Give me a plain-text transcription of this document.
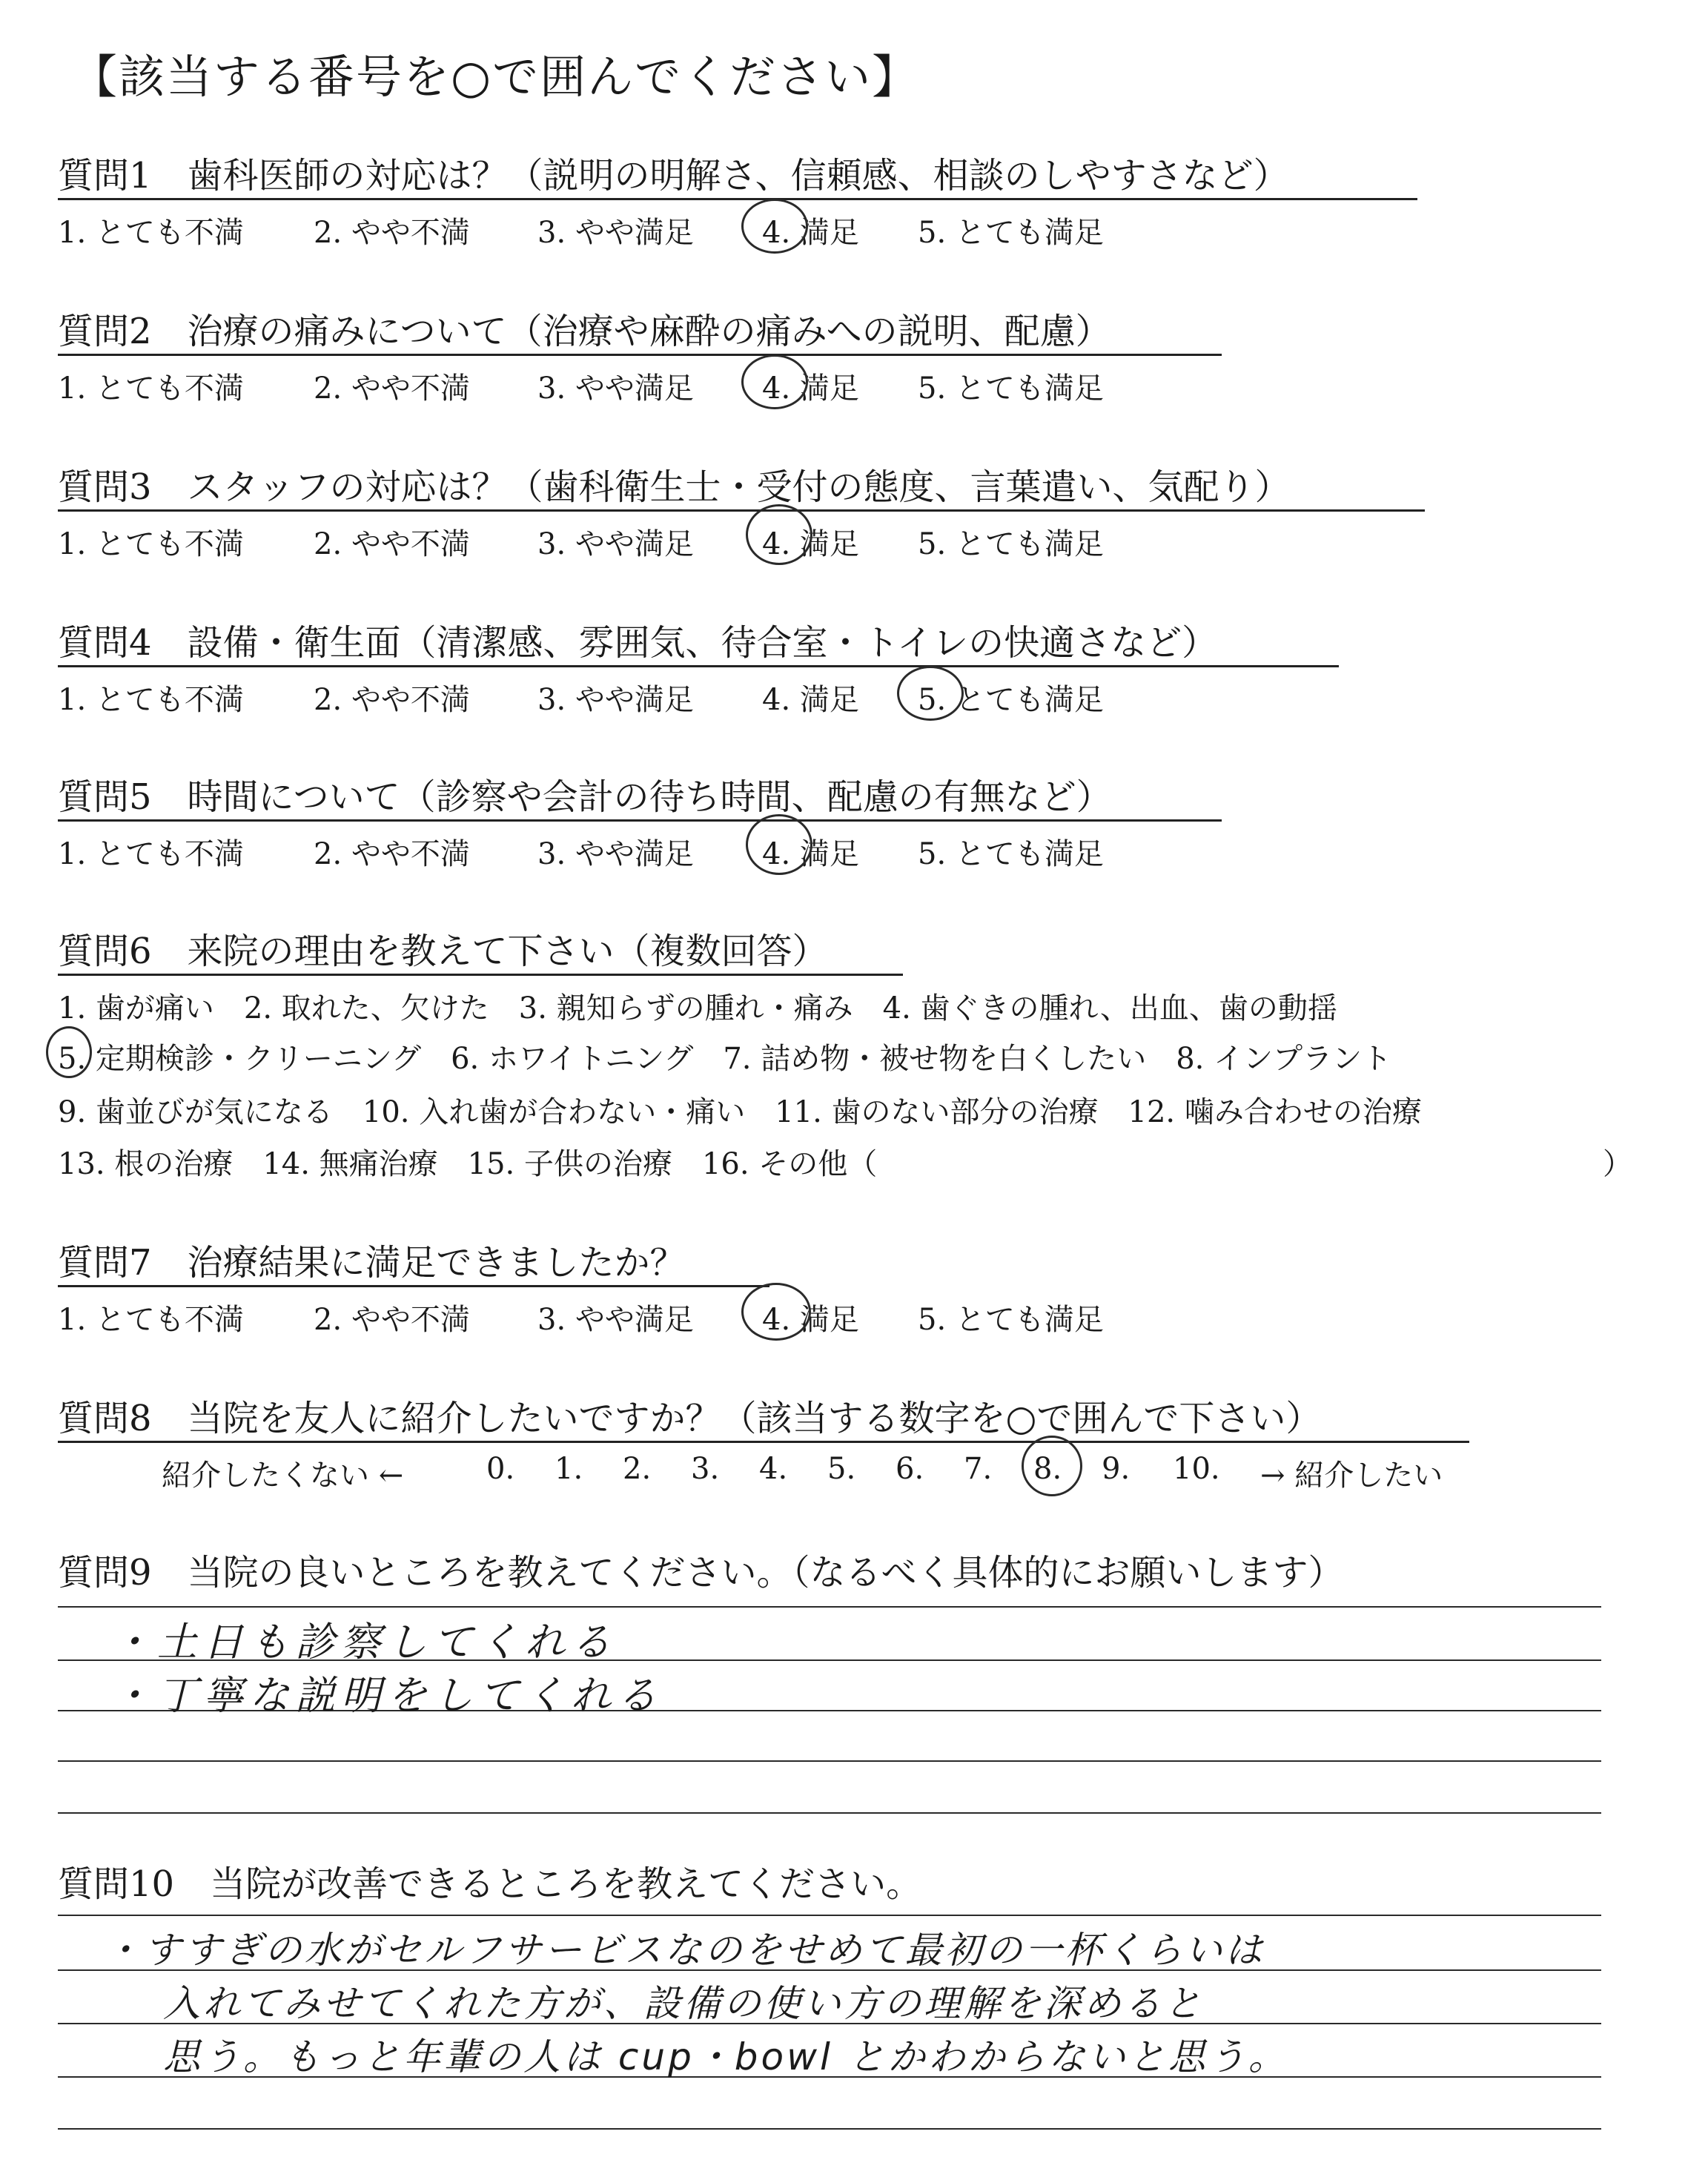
【該当する番号を○で囲んでください】
質問1　歯科医師の対応は？（説明の明解さ、信頼感、相談のしやすさなど）
1. とても不満 2. やや不満 3. やや満足 4. 満足 5. とても満足
質問2　治療の痛みについて（治療や麻酔の痛みへの説明、配慮）
1. とても不満 2. やや不満 3. やや満足 4. 満足 5. とても満足
質問3　スタッフの対応は？（歯科衛生士・受付の態度、言葉遣い、気配り）
1. とても不満 2. やや不満 3. やや満足 4. 満足 5. とても満足
質問4　設備・衛生面（清潔感、雰囲気、待合室・トイレの快適さなど）
1. とても不満 2. やや不満 3. やや満足 4. 満足 5. とても満足
質問5　時間について（診察や会計の待ち時間、配慮の有無など）
1. とても不満 2. やや不満 3. やや満足 4. 満足 5. とても満足
質問6　来院の理由を教えて下さい（複数回答）
1. 歯が痛い　2. 取れた、欠けた　3. 親知らずの腫れ・痛み　4. 歯ぐきの腫れ、出血、歯の動揺
5. 定期検診・クリーニング　6. ホワイトニング　7. 詰め物・被せ物を白くしたい　8. インプラント
9. 歯並びが気になる　10. 入れ歯が合わない・痛い　11. 歯のない部分の治療　12. 噛み合わせの治療
13. 根の治療　14. 無痛治療　15. 子供の治療　16. その他（	）
質問7　治療結果に満足できましたか？
1. とても不満 2. やや不満 3. やや満足 4. 満足 5. とても満足
質問8　当院を友人に紹介したいですか？（該当する数字を○で囲んで下さい）
紹介したくない ←	0. 1. 2. 3. 4. 5. 6. 7. 8. 9. 10. → 紹介したい
質問9　当院の良いところを教えてください。（なるべく具体的にお願いします）
・土日も診察してくれる
・丁寧な説明をしてくれる
質問10　当院が改善できるところを教えてください。
・すすぎの水がセルフサービスなのをせめて最初の一杯くらいは
入れてみせてくれた方が、設備の使い方の理解を深めると
思う。もっと年輩の人は cup・bowl とかわからないと思う。
